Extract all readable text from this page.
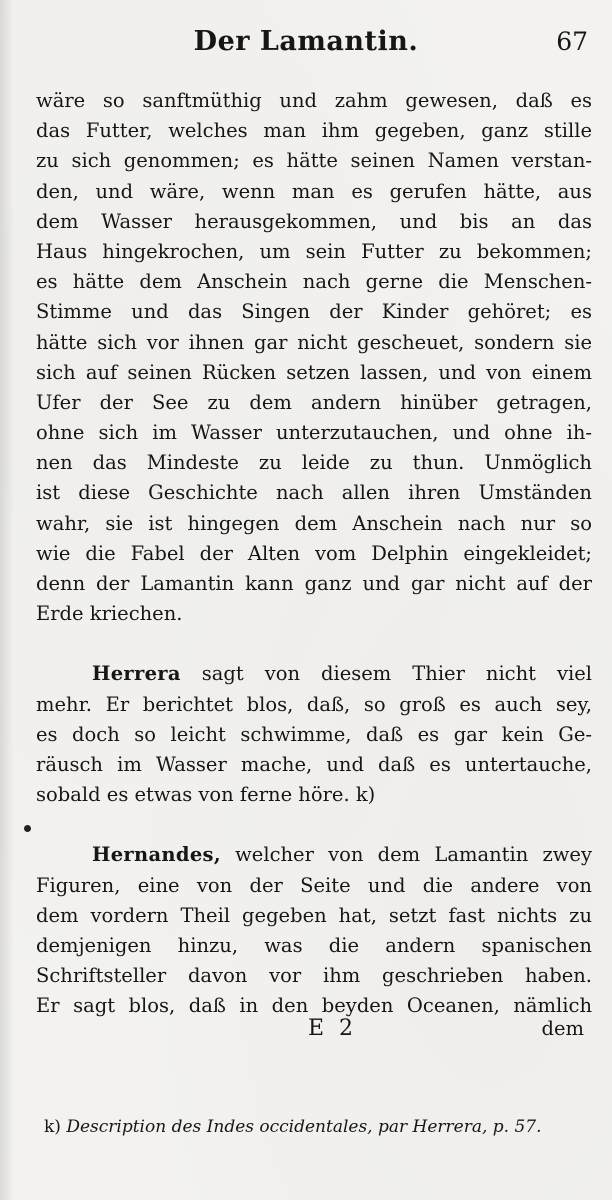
Der Lamantin.	67
wäre so sanftmüthig und zahm gewesen, daß es
das Futter, welches man ihm gegeben, ganz stille
zu sich genommen; es hätte seinen Namen verstan-
den, und wäre, wenn man es gerufen hätte, aus
dem Wasser herausgekommen, und bis an das
Haus hingekrochen, um sein Futter zu bekommen;
es hätte dem Anschein nach gerne die Menschen-
Stimme und das Singen der Kinder gehöret; es
hätte sich vor ihnen gar nicht gescheuet, sondern sie
sich auf seinen Rücken setzen lassen, und von einem
Ufer der See zu dem andern hinüber getragen,
ohne sich im Wasser unterzutauchen, und ohne ih-
nen das Mindeste zu leide zu thun. Unmöglich
ist diese Geschichte nach allen ihren Umständen
wahr, sie ist hingegen dem Anschein nach nur so
wie die Fabel der Alten vom Delphin eingekleidet;
denn der Lamantin kann ganz und gar nicht auf der
Erde kriechen.
Herrera sagt von diesem Thier nicht viel
mehr. Er berichtet blos, daß, so groß es auch sey,
es doch so leicht schwimme, daß es gar kein Ge-
räusch im Wasser mache, und daß es untertauche,
sobald es etwas von ferne höre. k)
Hernandes, welcher von dem Lamantin zwey
Figuren, eine von der Seite und die andere von
dem vordern Theil gegeben hat, setzt fast nichts zu
demjenigen hinzu, was die andern spanischen
Schriftsteller davon vor ihm geschrieben haben.
Er sagt blos, daß in den beyden Oceanen, nämlich
E 2	dem
k) Description des Indes occidentales, par Herrera, p. 57.
